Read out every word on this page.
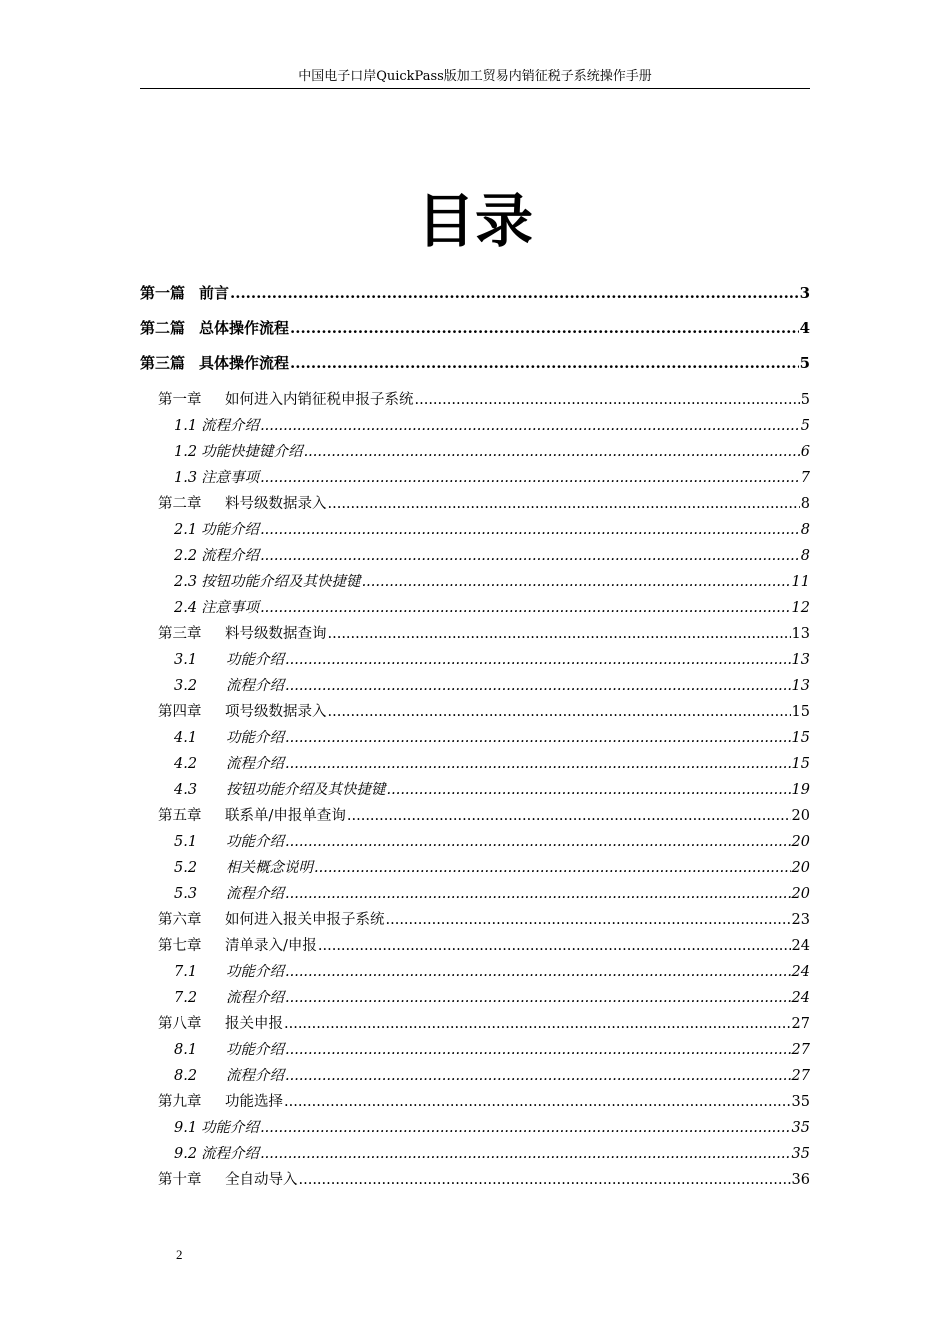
中国电子口岸QuickPass版加工贸易内销征税子系统操作手册
目录
第一篇 前言 .....	3
第二篇 总体操作流程 .....	4
第三篇 具体操作流程 .....	5
第一章 如何进入内销征税申报子系统 .....	5
1.1 流程介绍 .....	5
1.2 功能快捷键介绍 .....	6
1.3 注意事项 .....	7
第二章 料号级数据录入 .....	8
2.1 功能介绍 .....	8
2.2 流程介绍 .....	8
2.3 按钮功能介绍及其快捷键 .....	11
2.4 注意事项 .....	12
第三章 料号级数据查询 .....	13
3.1 功能介绍 .....	13
3.2 流程介绍 .....	13
第四章 项号级数据录入 .....	15
4.1 功能介绍 .....	15
4.2 流程介绍 .....	15
4.3 按钮功能介绍及其快捷键 .....	19
第五章 联系单/申报单查询 .....	20
5.1 功能介绍 .....	20
5.2 相关概念说明 .....	20
5.3 流程介绍 .....	20
第六章 如何进入报关申报子系统 .....	23
第七章 清单录入/申报 .....	24
7.1 功能介绍 .....	24
7.2 流程介绍 .....	24
第八章 报关申报 .....	27
8.1 功能介绍 .....	27
8.2 流程介绍 .....	27
第九章 功能选择 .....	35
9.1 功能介绍 .....	35
9.2 流程介绍 .....	35
第十章 全自动导入 .....	36
2
